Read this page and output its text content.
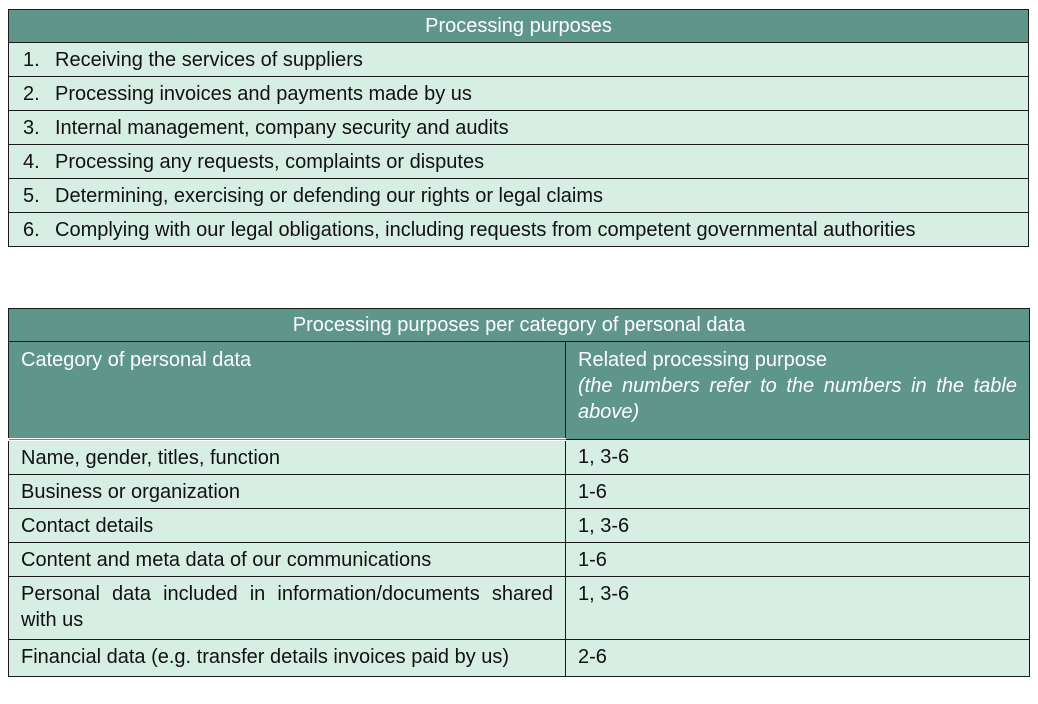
Processing purposes

1. Receiving the services of suppliers

2. Processing invoices and payments made by us

3. Internal management, company security and audits

4. Processing any requests, complaints or disputes

5. Determining, exercising or defending our rights or legal claims

6. Complying with our legal obligations, including requests from competent governmental authorities
Processing purposes per category of personal data	
Category of personal data	Related processing purpose
(the numbers refer to the numbers in the table above)

Name, gender, titles, function	1, 3-6
Business or organization	1-6
Contact details	1, 3-6
Content and meta data of our communications	1-6
Personal data included in information/documents shared with us	1, 3-6
Financial data (e.g. transfer details invoices paid by us)	2-6
